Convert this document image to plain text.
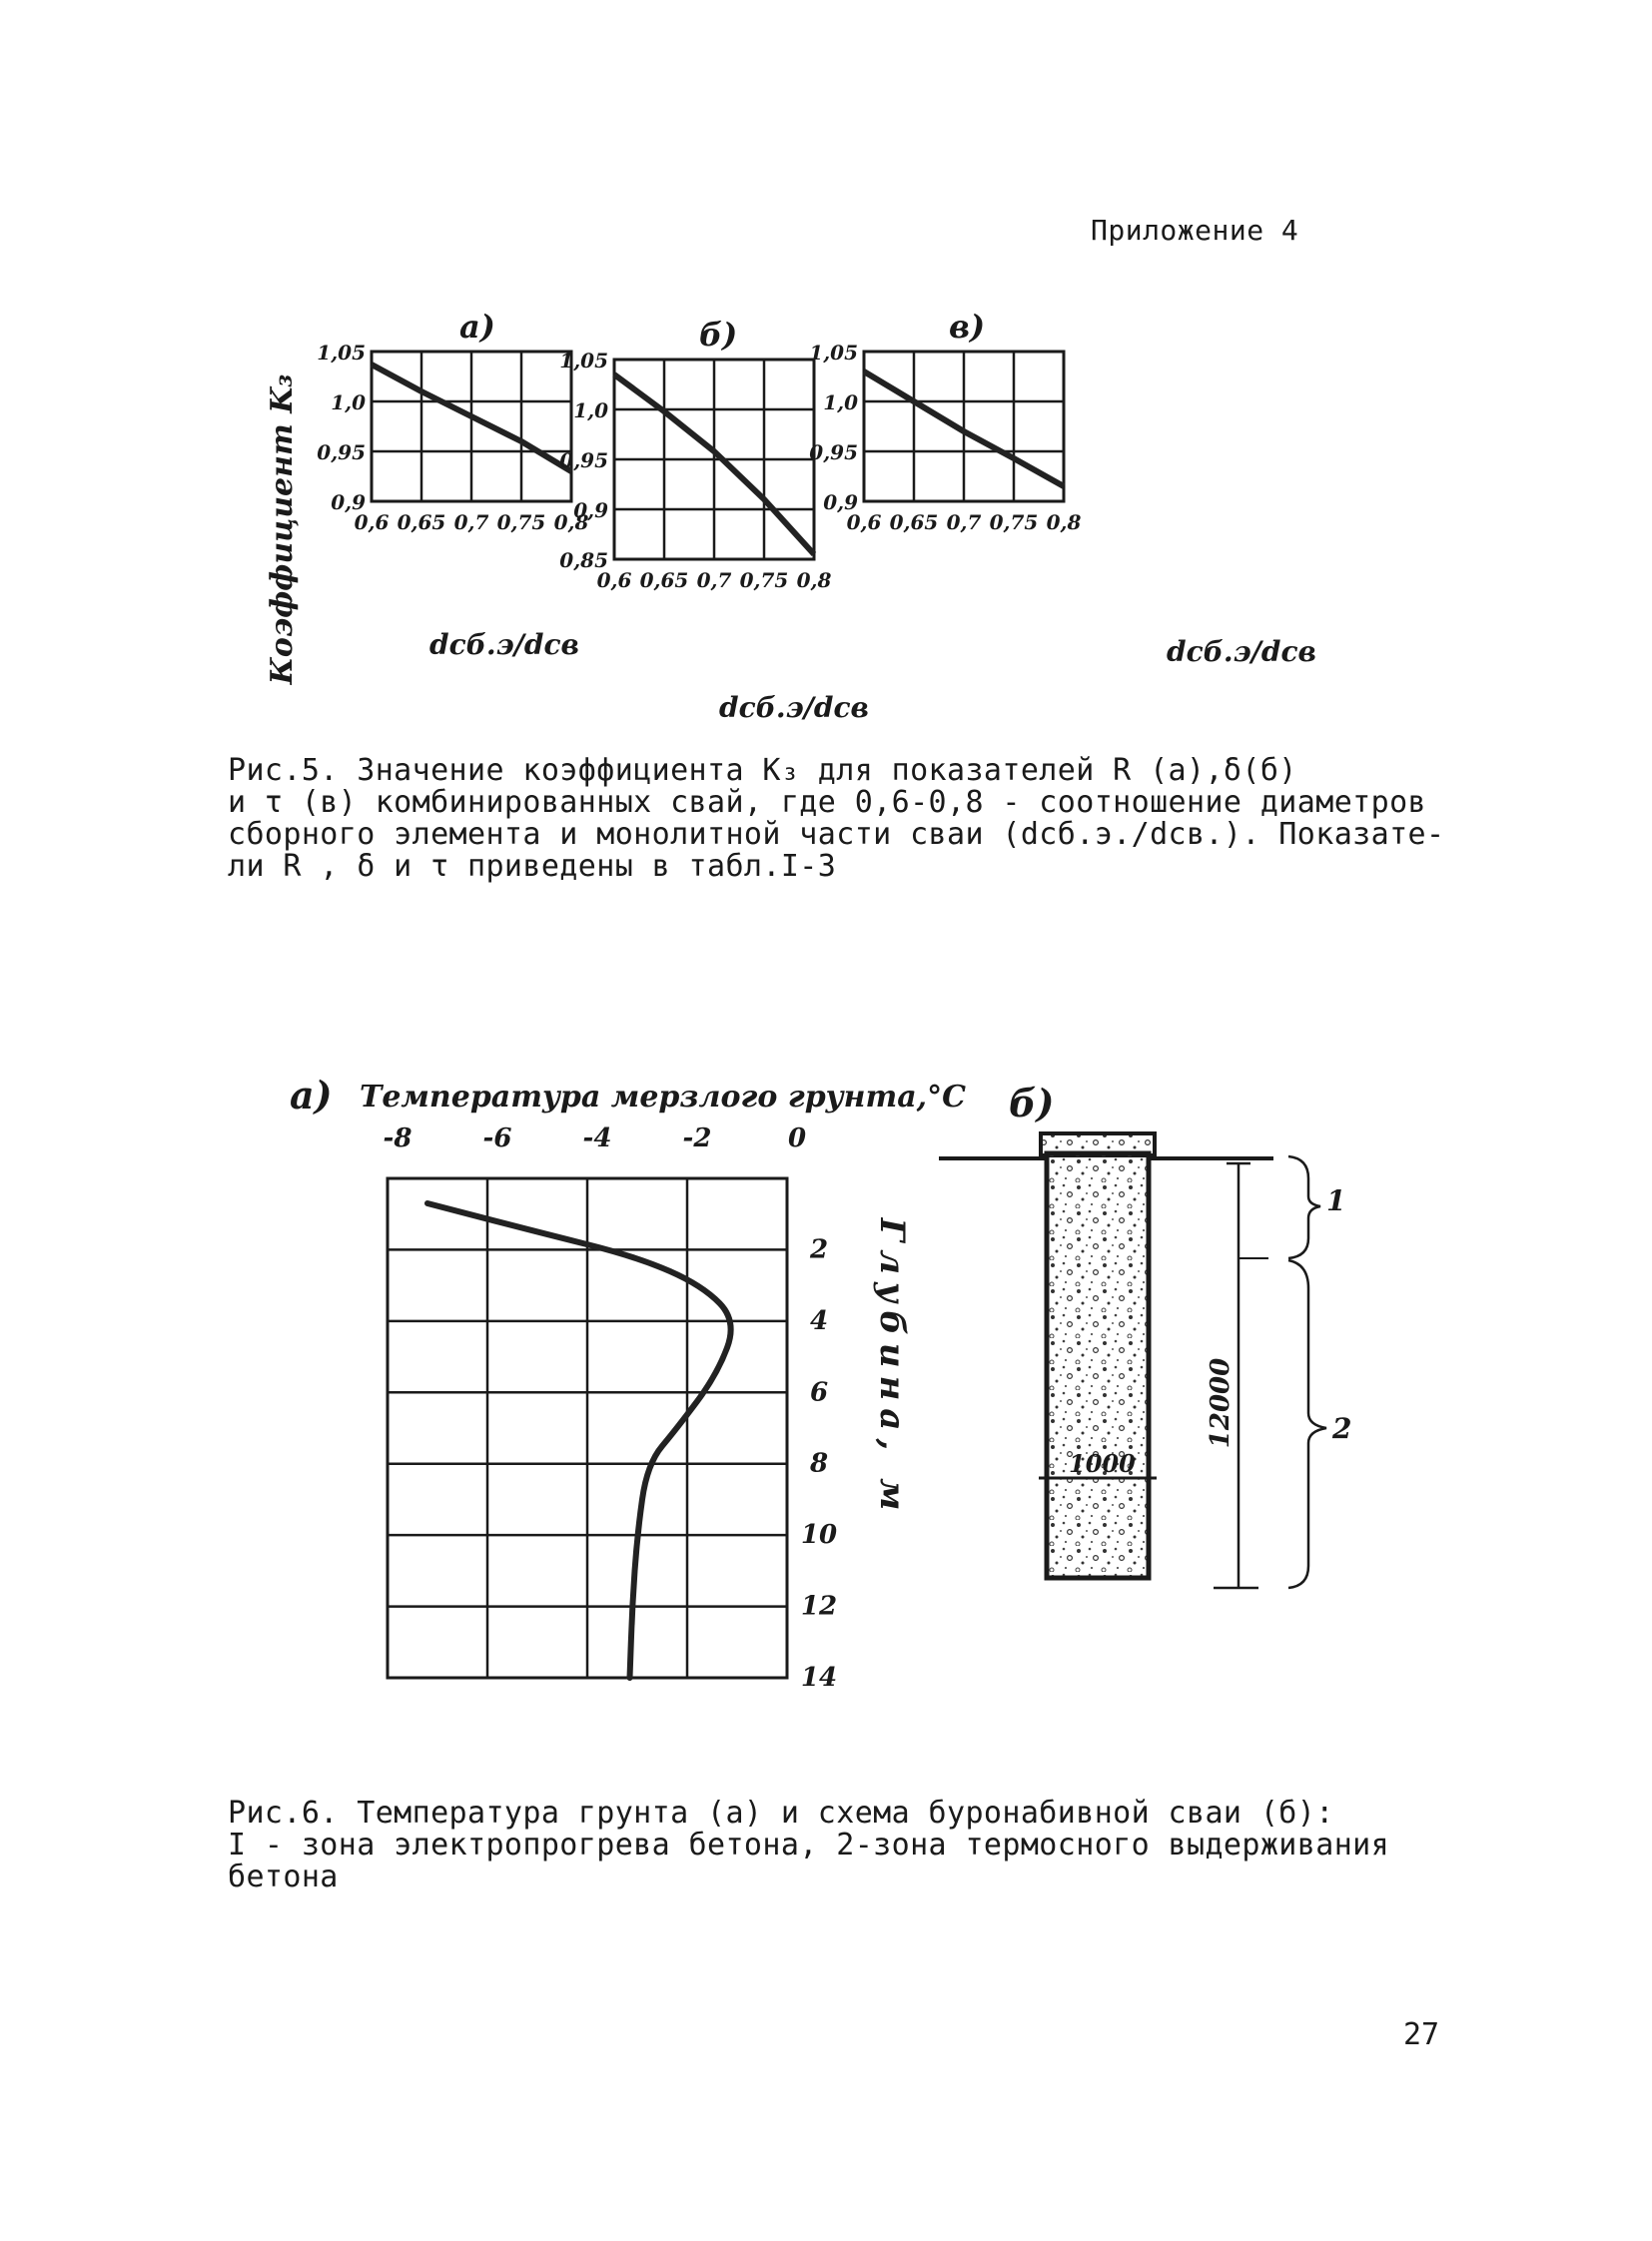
Приложение 4
Коэффициент K₃
а)
1,05
1,0
0,95
0,9
0,6 0,65 0,7 0,75 0,8
б)
1,05
1,0
0,95
0,9
0,85
0,6 0,65 0,7 0,75 0,8
в)
1,05
1,0
0,95
0,9
0,6 0,65 0,7 0,75 0,8
dсб.э/dсв
dсб.э/dсв
dсб.э/dсв
Рис.5. Значение коэффициента K₃ для показателей R (а),δ(б)
и τ (в) комбинированных свай, где 0,6-0,8 - соотношение диаметров
сборного элемента и монолитной части сваи (dсб.э./dсв.). Показате-
ли R , δ и τ приведены в табл.I-3
а) Температура мерзлого грунта,°С
-8	-6	-4	-2	0
2
4
6
8
10
12
14
Глубина, м
б)
1000
12000
1
2
Рис.6. Температура грунта (а) и схема буронабивной сваи (б):
I - зона электропрогрева бетона, 2-зона термосного выдерживания
бетона
27
